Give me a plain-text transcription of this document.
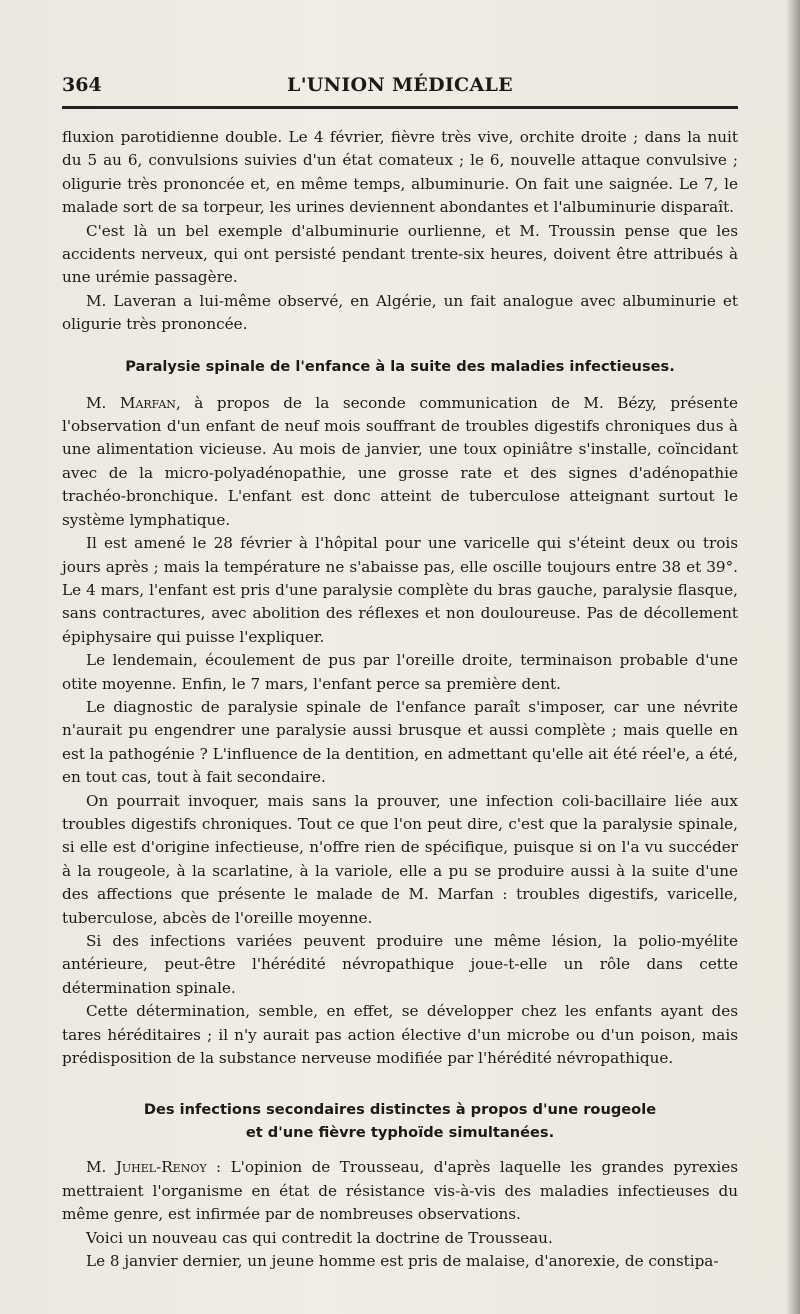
364	L'UNION MÉDICALE

fluxion parotidienne double. Le 4 février, fièvre très vive, orchite droite ; dans la nuit du 5 au 6, convulsions suivies d'un état comateux ; le 6, nouvelle attaque convulsive ; oligurie très prononcée et, en même temps, albuminurie. On fait une saignée. Le 7, le malade sort de sa torpeur, les urines deviennent abondantes et l'albuminurie disparaît.

C'est là un bel exemple d'albuminurie ourlienne, et M. Troussin pense que les accidents nerveux, qui ont persisté pendant trente-six heures, doivent être attribués à une urémie passagère.

M. Laveran a lui-même observé, en Algérie, un fait analogue avec albuminurie et oligurie très prononcée.

Paralysie spinale de l'enfance à la suite des maladies infectieuses.

M. Marfan, à propos de la seconde communication de M. Bézy, présente l'observation d'un enfant de neuf mois souffrant de troubles digestifs chroniques dus à une alimentation vicieuse. Au mois de janvier, une toux opiniâtre s'installe, coïncidant avec de la micro-polyadénopathie, une grosse rate et des signes d'adénopathie trachéo-bronchique. L'enfant est donc atteint de tuberculose atteignant surtout le système lymphatique.

Il est amené le 28 février à l'hôpital pour une varicelle qui s'éteint deux ou trois jours après ; mais la température ne s'abaisse pas, elle oscille toujours entre 38 et 39°. Le 4 mars, l'enfant est pris d'une paralysie complète du bras gauche, paralysie flasque, sans contractures, avec abolition des réflexes et non douloureuse. Pas de décollement épiphysaire qui puisse l'expliquer.

Le lendemain, écoulement de pus par l'oreille droite, terminaison probable d'une otite moyenne. Enfin, le 7 mars, l'enfant perce sa première dent.

Le diagnostic de paralysie spinale de l'enfance paraît s'imposer, car une névrite n'aurait pu engendrer une paralysie aussi brusque et aussi complète ; mais quelle en est la pathogénie ? L'influence de la dentition, en admettant qu'elle ait été réel'e, a été, en tout cas, tout à fait secondaire.

On pourrait invoquer, mais sans la prouver, une infection coli-bacillaire liée aux troubles digestifs chroniques. Tout ce que l'on peut dire, c'est que la paralysie spinale, si elle est d'origine infectieuse, n'offre rien de spécifique, puisque si on l'a vu succéder à la rougeole, à la scarlatine, à la variole, elle a pu se produire aussi à la suite d'une des affections que présente le malade de M. Marfan : troubles digestifs, varicelle, tuberculose, abcès de l'oreille moyenne.

Si des infections variées peuvent produire une même lésion, la polio-myélite antérieure, peut-être l'hérédité névropathique joue-t-elle un rôle dans cette détermination spinale.

Cette détermination, semble, en effet, se développer chez les enfants ayant des tares héréditaires ; il n'y aurait pas action élective d'un microbe ou d'un poison, mais prédisposition de la substance nerveuse modifiée par l'hérédité névropathique.

Des infections secondaires distinctes à propos d'une rougeole
et d'une fièvre typhoïde simultanées.

M. Juhel-Renoy : L'opinion de Trousseau, d'après laquelle les grandes pyrexies mettraient l'organisme en état de résistance vis-à-vis des maladies infectieuses du même genre, est infirmée par de nombreuses observations.

Voici un nouveau cas qui contredit la doctrine de Trousseau.

Le 8 janvier dernier, un jeune homme est pris de malaise, d'anorexie, de constipa-
